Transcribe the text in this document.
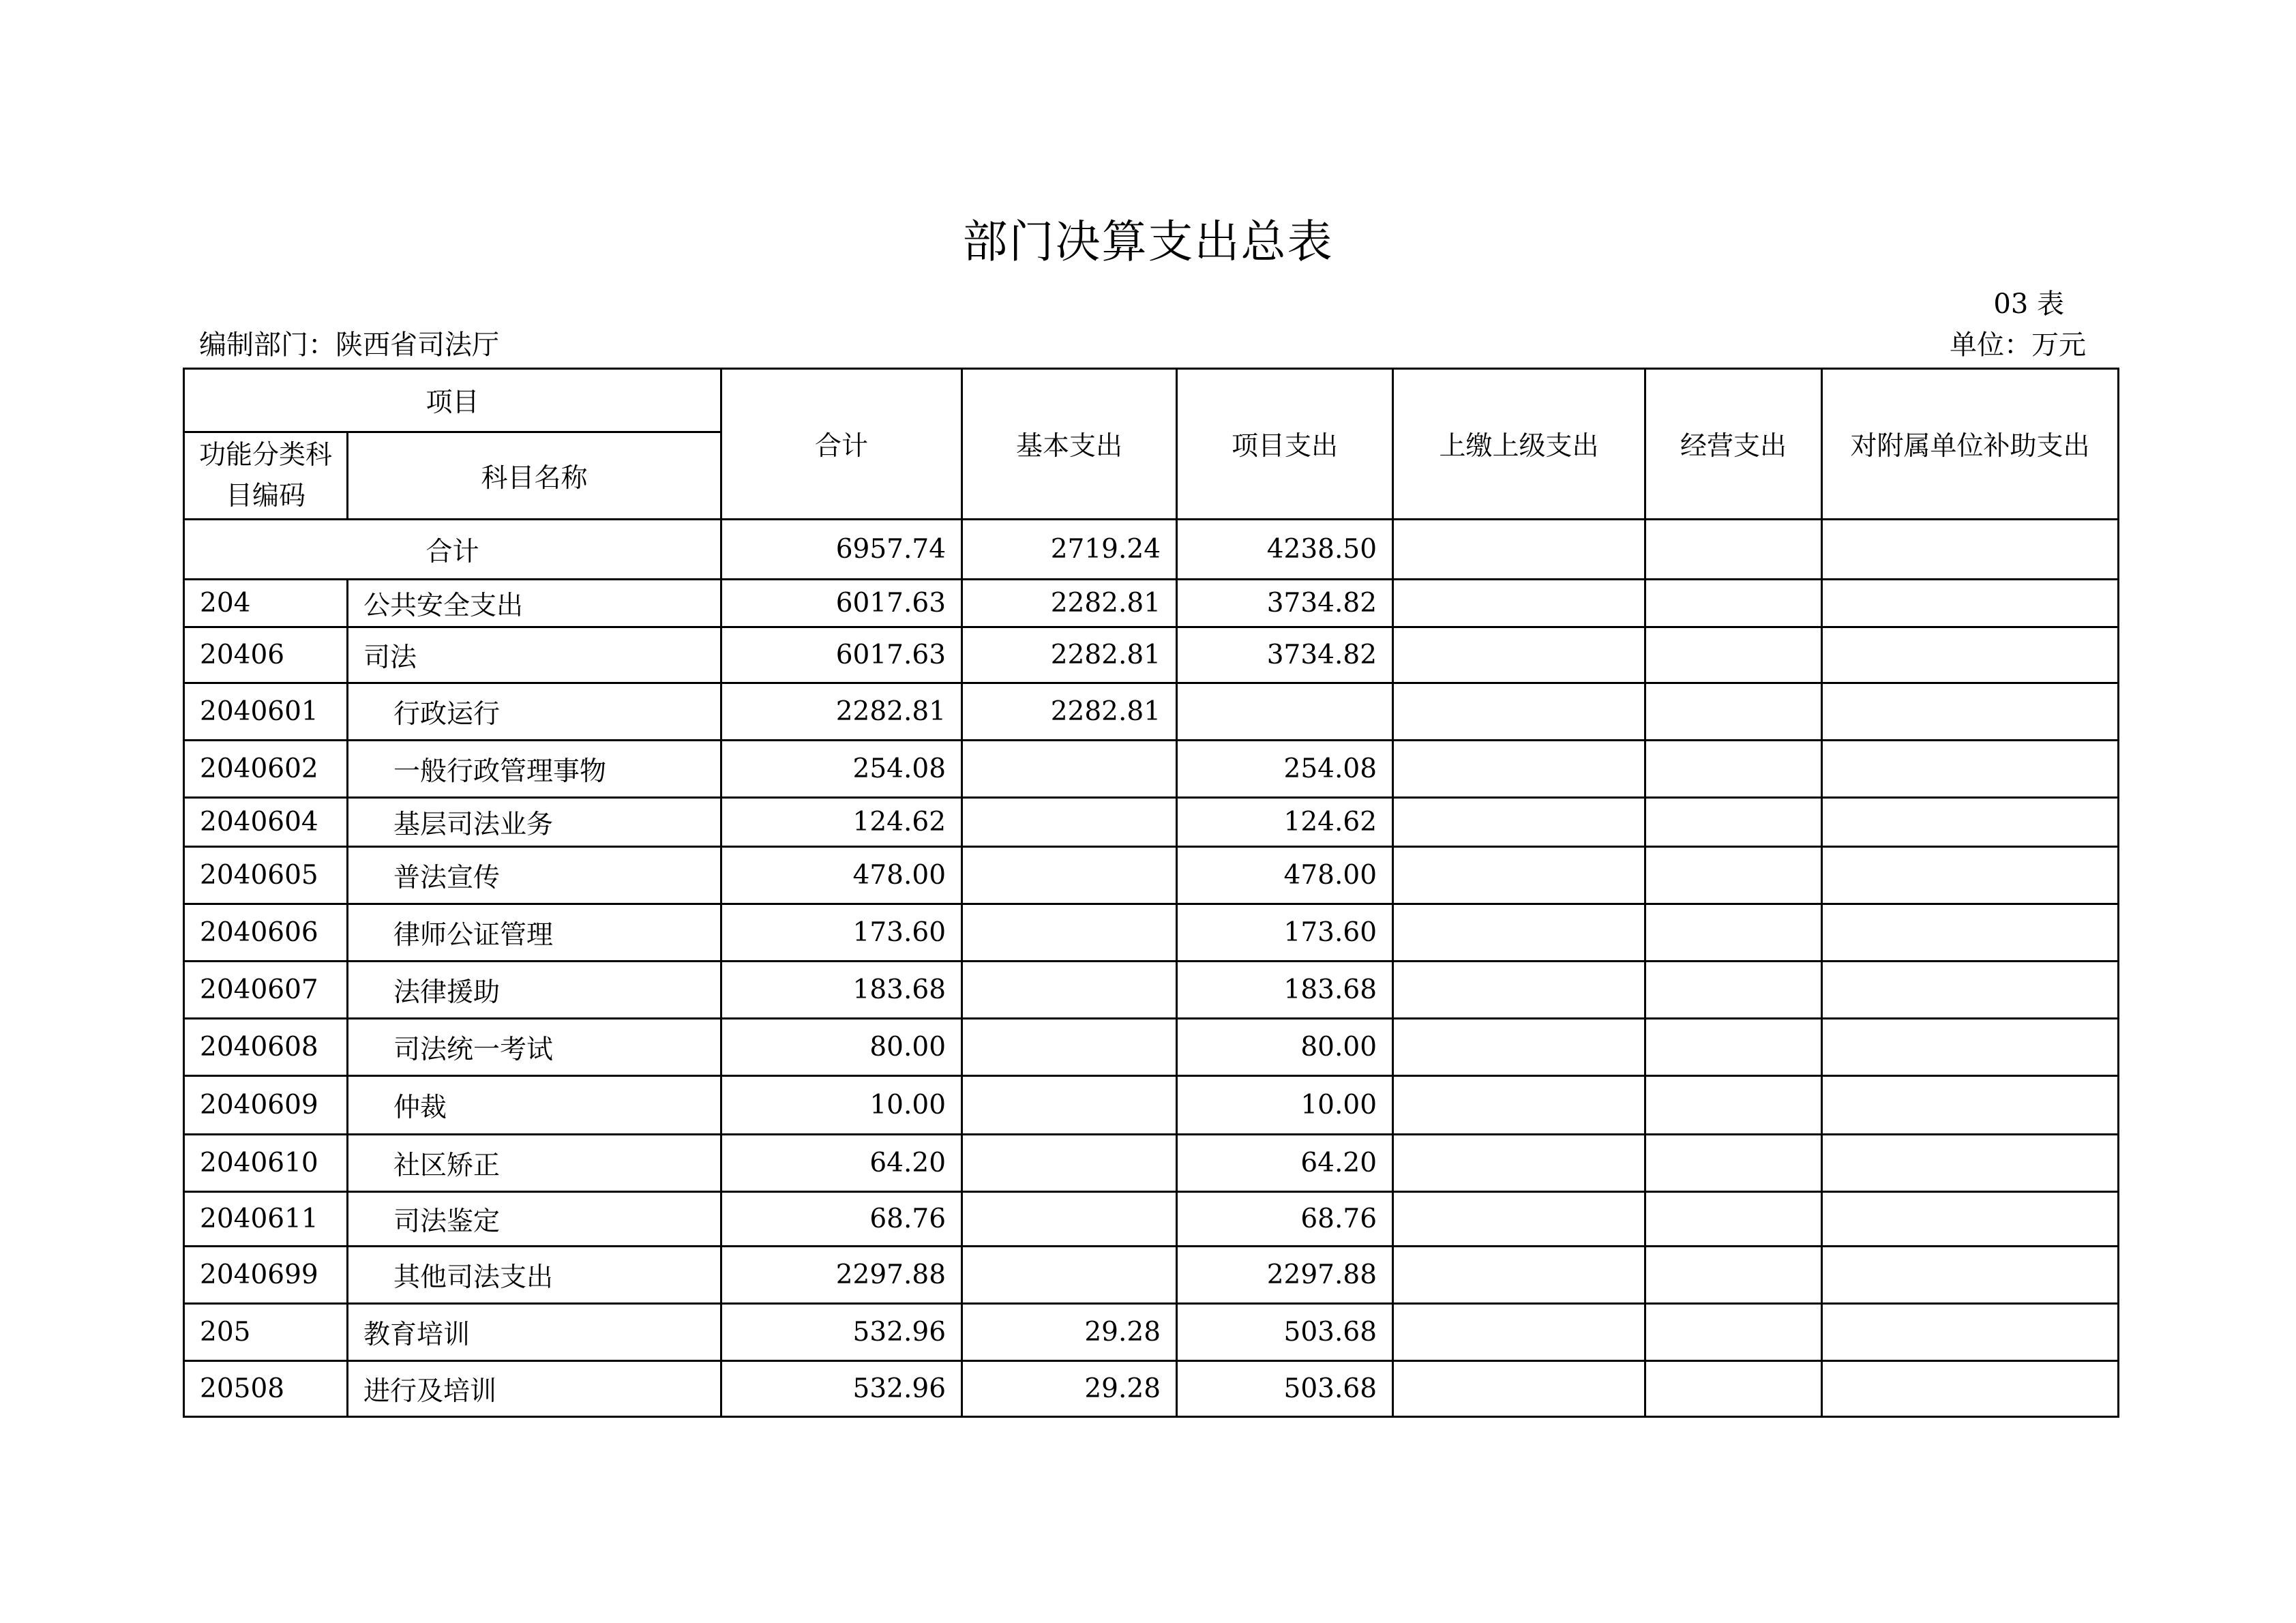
部门决算支出总表
03 表
编制部门：陕西省司法厅	单位：万元
项目		合计	基本支出	项目支出	上缴上级支出	经营支出	对附属单位补助支出
功能分类科目编码	科目名称						
合计		6957.74	2719.24	4238.50			
204	公共安全支出	6017.63	2282.81	3734.82			
20406	司法	6017.63	2282.81	3734.82			
2040601	行政运行	2282.81	2282.81				
2040602	一般行政管理事物	254.08		254.08			
2040604	基层司法业务	124.62		124.62			
2040605	普法宣传	478.00		478.00			
2040606	律师公证管理	173.60		173.60			
2040607	法律援助	183.68		183.68			
2040608	司法统一考试	80.00		80.00			
2040609	仲裁	10.00		10.00			
2040610	社区矫正	64.20		64.20			
2040611	司法鉴定	68.76		68.76			
2040699	其他司法支出	2297.88		2297.88			
205	教育培训	532.96	29.28	503.68			
20508	进行及培训	532.96	29.28	503.68			
